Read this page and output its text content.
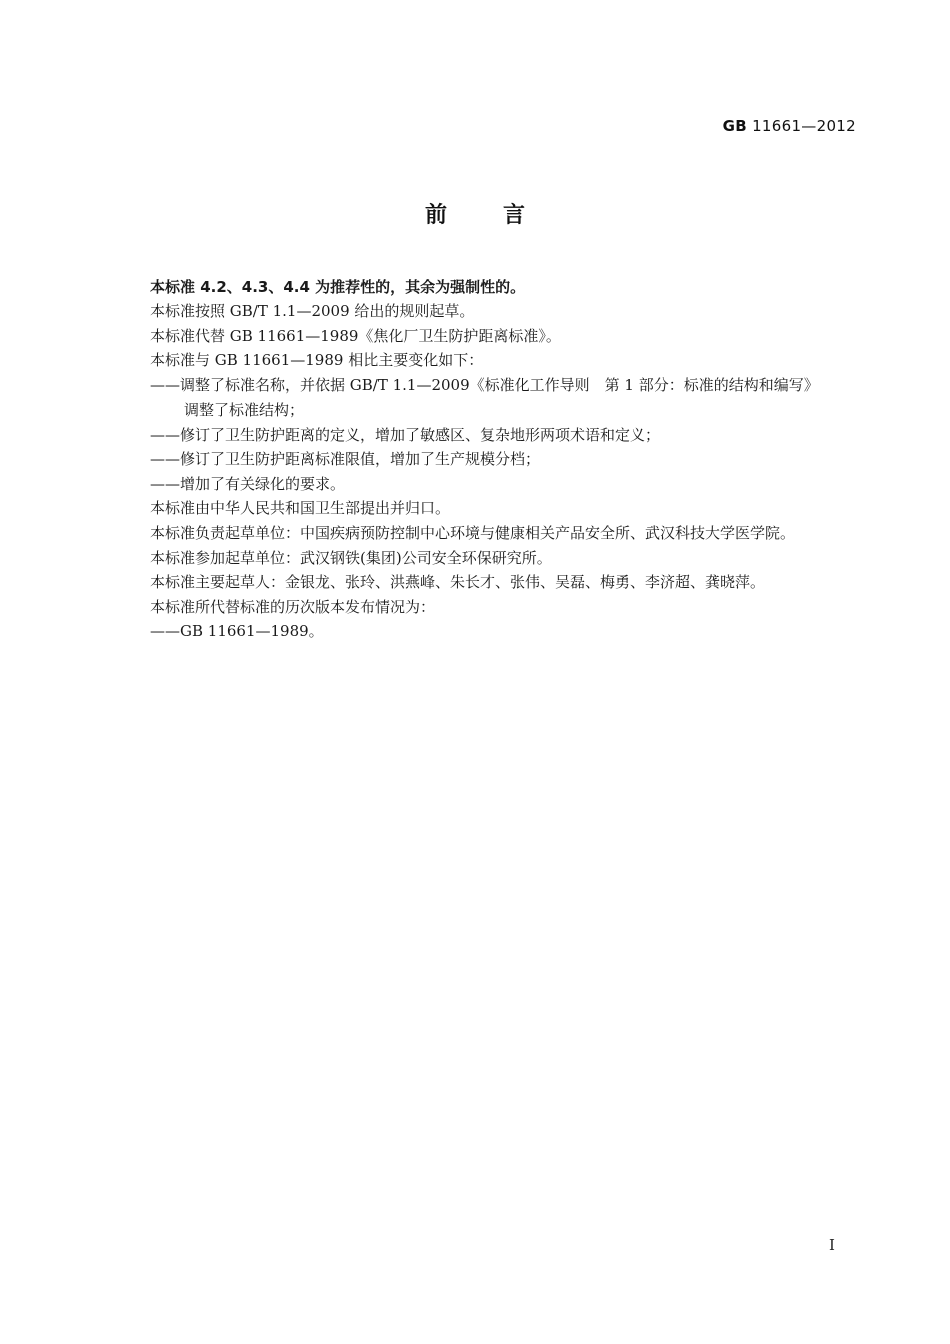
GB 11661—2012
前言
本标准 4.2、4.3、4.4 为推荐性的，其余为强制性的。
本标准按照 GB/T 1.1—2009 给出的规则起草。
本标准代替 GB 11661—1989《焦化厂卫生防护距离标准》。
本标准与 GB 11661—1989 相比主要变化如下：
——调整了标准名称，并依据 GB/T 1.1—2009《标准化工作导则　第 1 部分：标准的结构和编写》
调整了标准结构；
——修订了卫生防护距离的定义，增加了敏感区、复杂地形两项术语和定义；
——修订了卫生防护距离标准限值，增加了生产规模分档；
——增加了有关绿化的要求。
本标准由中华人民共和国卫生部提出并归口。
本标准负责起草单位：中国疾病预防控制中心环境与健康相关产品安全所、武汉科技大学医学院。
本标准参加起草单位：武汉钢铁(集团)公司安全环保研究所。
本标准主要起草人：金银龙、张玲、洪燕峰、朱长才、张伟、吴磊、梅勇、李济超、龚晓萍。
本标准所代替标准的历次版本发布情况为：
——GB 11661—1989。
I
